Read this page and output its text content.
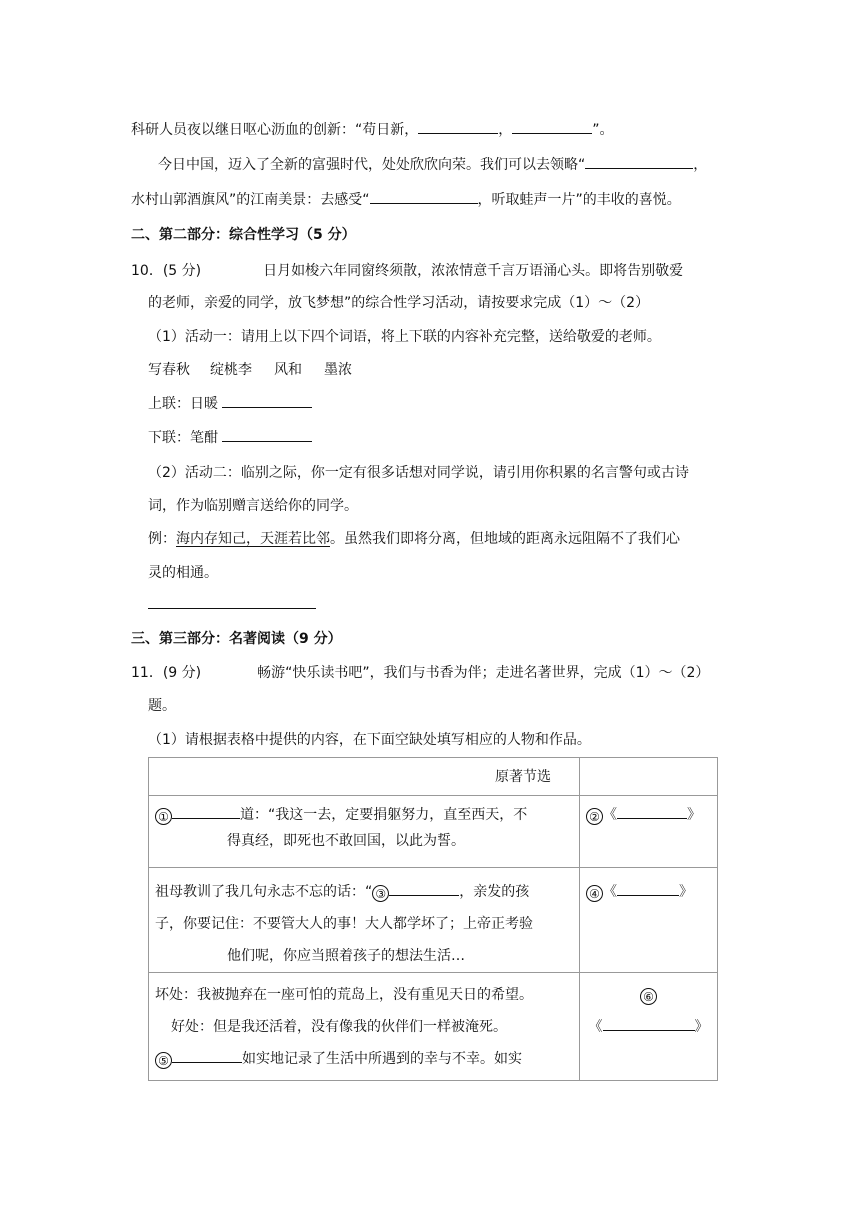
科研人员夜以继日呕心沥血的创新：“苟日新，	，	”。
今日中国，迈入了全新的富强时代，处处欣欣向荣。我们可以去领略“	，
水村山郭酒旗风”的江南美景：去感受“	，听取蛙声一片”的丰收的喜悦。
二、第二部分：综合性学习（5 分）
10．(5 分)	日月如梭六年同窗终须散，浓浓情意千言万语涌心头。即将告别敬爱
的老师，亲爱的同学，放飞梦想”的综合性学习活动，请按要求完成（1）～（2）
（1）活动一：请用上以下四个词语，将上下联的内容补充完整，送给敬爱的老师。
写春秋 绽桃李 风和 墨浓
上联：日暖
下联：笔酣
（2）活动二：临别之际，你一定有很多话想对同学说，请引用你积累的名言警句或古诗
词，作为临别赠言送给你的同学。
例：海内存知己，天涯若比邻。虽然我们即将分离，但地域的距离永远阻隔不了我们心
灵的相通。
三、第三部分：名著阅读（9 分）
11．(9 分)	畅游“快乐读书吧”，我们与书香为伴；走进名著世界，完成（1）～（2）
题。
（1）请根据表格中提供的内容，在下面空缺处填写相应的人物和作品。
原著节选	

① 道：“我这一去，定要捐躯努力，直至西天，不
得真经，即死也不敢回国，以此为誓。	② 《 》

祖母教训了我几句永志不忘的话：“ ③ ，亲发的孩
子，你要记住：不要管大人的事！大人都学坏了；上帝正考验
他们呢，你应当照着孩子的想法生活…	④ 《 》

坏处：我被抛弃在一座可怕的荒岛上，没有重见天日的希望。
好处：但是我还活着，没有像我的伙伴们一样被淹死。
⑤ 如实地记录了生活中所遇到的幸与不幸。如实	⑥
《 》
